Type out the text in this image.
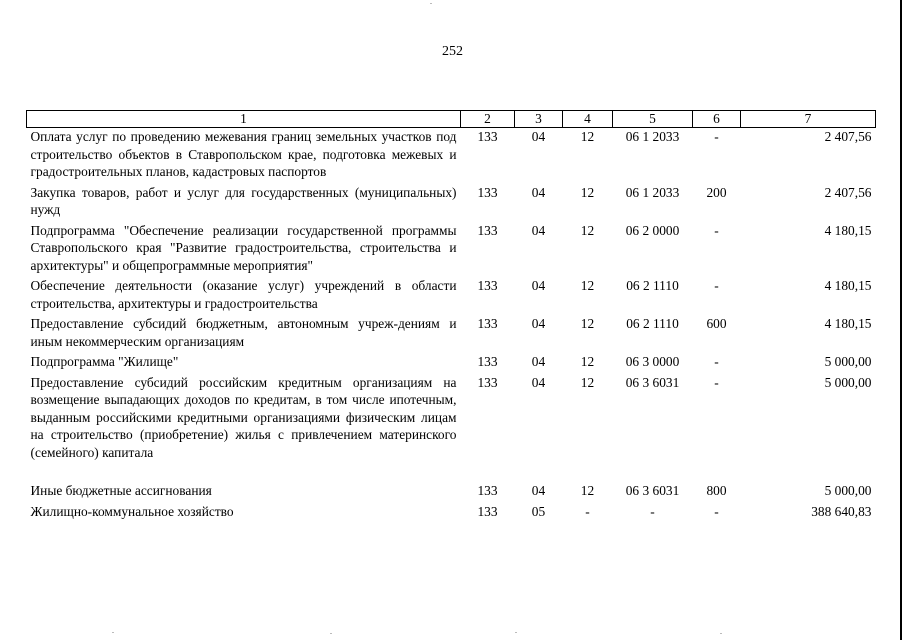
252
1	2	3	4	5	6	7
Оплата услуг по проведению межевания границ земельных участков под строительство объектов в Ставропольском крае, подготовка межевых и градостроительных планов, кадастровых паспортов	133	04	12	06 1 2033	-	2 407,56
Закупка товаров, работ и услуг для государственных (муниципальных) нужд	133	04	12	06 1 2033	200	2 407,56
Подпрограмма "Обеспечение реализации государственной программы Ставропольского края "Развитие градостроительства, строительства и архитектуры" и общепрограммные мероприятия"	133	04	12	06 2 0000	-	4 180,15
Обеспечение деятельности (оказание услуг) учреждений в области строительства, архитектуры и градостроительства	133	04	12	06 2 1110	-	4 180,15
Предоставление субсидий бюджетным, автономным учреж-дениям и иным некоммерческим организациям	133	04	12	06 2 1110	600	4 180,15
Подпрограмма "Жилище"	133	04	12	06 3 0000	-	5 000,00
Предоставление субсидий российским кредитным организациям на возмещение выпадающих доходов по кредитам, в том числе ипотечным, выданным российскими кредитными организациями физическим лицам на строительство (приобретение) жилья с привлечением материнского (семейного) капитала	133	04	12	06 3 6031	-	5 000,00

Иные бюджетные ассигнования	133	04	12	06 3 6031	800	5 000,00
Жилищно-коммунальное хозяйство	133	05	-	-	-	388 640,83
